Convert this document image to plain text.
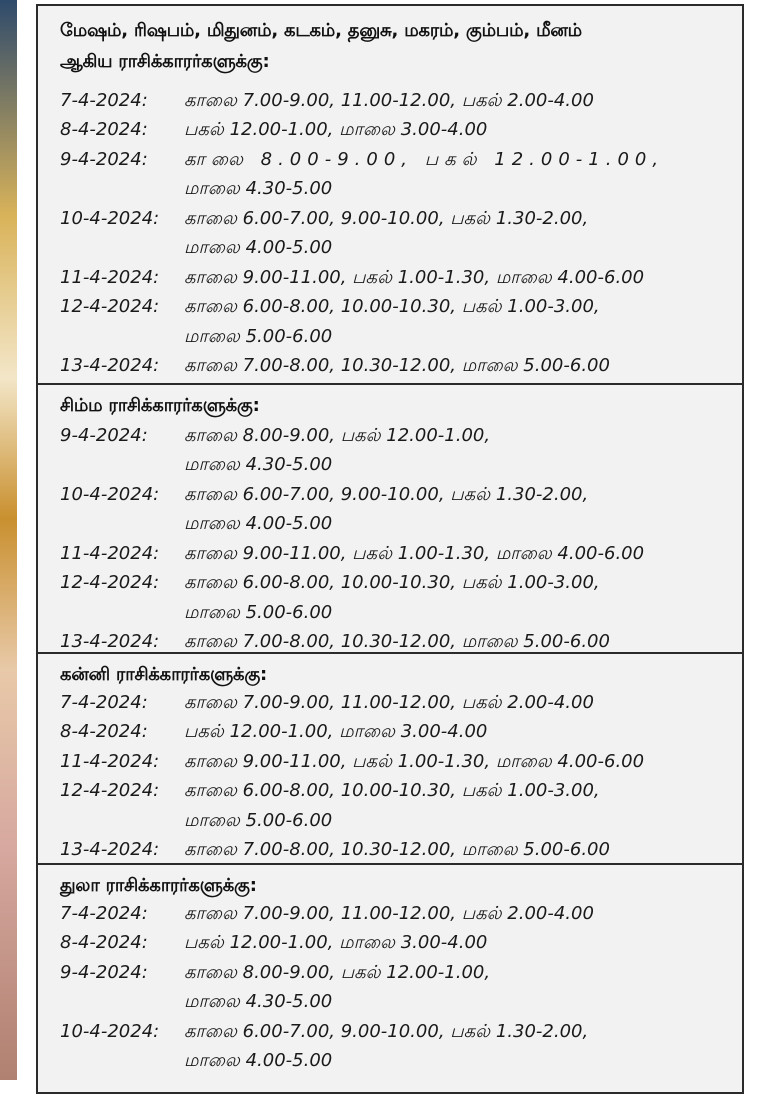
மேஷம், ரிஷபம், மிதுனம், கடகம், தனுசு, மகரம், கும்பம், மீனம்
ஆகிய ராசிக்காரர்களுக்கு:
7-4-2024: காலை 7.00-9.00, 11.00-12.00, பகல் 2.00-4.00
8-4-2024: பகல் 12.00-1.00, மாலை 3.00-4.00
9-4-2024: காலை 8.00-9.00, பகல் 12.00-1.00,
மாலை 4.30-5.00
10-4-2024: காலை 6.00-7.00, 9.00-10.00, பகல் 1.30-2.00,
மாலை 4.00-5.00
11-4-2024: காலை 9.00-11.00, பகல் 1.00-1.30, மாலை 4.00-6.00
12-4-2024: காலை 6.00-8.00, 10.00-10.30, பகல் 1.00-3.00,
மாலை 5.00-6.00
13-4-2024: காலை 7.00-8.00, 10.30-12.00, மாலை 5.00-6.00
சிம்ம ராசிக்காரர்களுக்கு:
9-4-2024: காலை 8.00-9.00, பகல் 12.00-1.00,
மாலை 4.30-5.00
10-4-2024: காலை 6.00-7.00, 9.00-10.00, பகல் 1.30-2.00,
மாலை 4.00-5.00
11-4-2024: காலை 9.00-11.00, பகல் 1.00-1.30, மாலை 4.00-6.00
12-4-2024: காலை 6.00-8.00, 10.00-10.30, பகல் 1.00-3.00,
மாலை 5.00-6.00
13-4-2024: காலை 7.00-8.00, 10.30-12.00, மாலை 5.00-6.00
கன்னி ராசிக்காரர்களுக்கு:
7-4-2024: காலை 7.00-9.00, 11.00-12.00, பகல் 2.00-4.00
8-4-2024: பகல் 12.00-1.00, மாலை 3.00-4.00
11-4-2024: காலை 9.00-11.00, பகல் 1.00-1.30, மாலை 4.00-6.00
12-4-2024: காலை 6.00-8.00, 10.00-10.30, பகல் 1.00-3.00,
மாலை 5.00-6.00
13-4-2024: காலை 7.00-8.00, 10.30-12.00, மாலை 5.00-6.00
துலா ராசிக்காரர்களுக்கு:
7-4-2024: காலை 7.00-9.00, 11.00-12.00, பகல் 2.00-4.00
8-4-2024: பகல் 12.00-1.00, மாலை 3.00-4.00
9-4-2024: காலை 8.00-9.00, பகல் 12.00-1.00,
மாலை 4.30-5.00
10-4-2024: காலை 6.00-7.00, 9.00-10.00, பகல் 1.30-2.00,
மாலை 4.00-5.00
